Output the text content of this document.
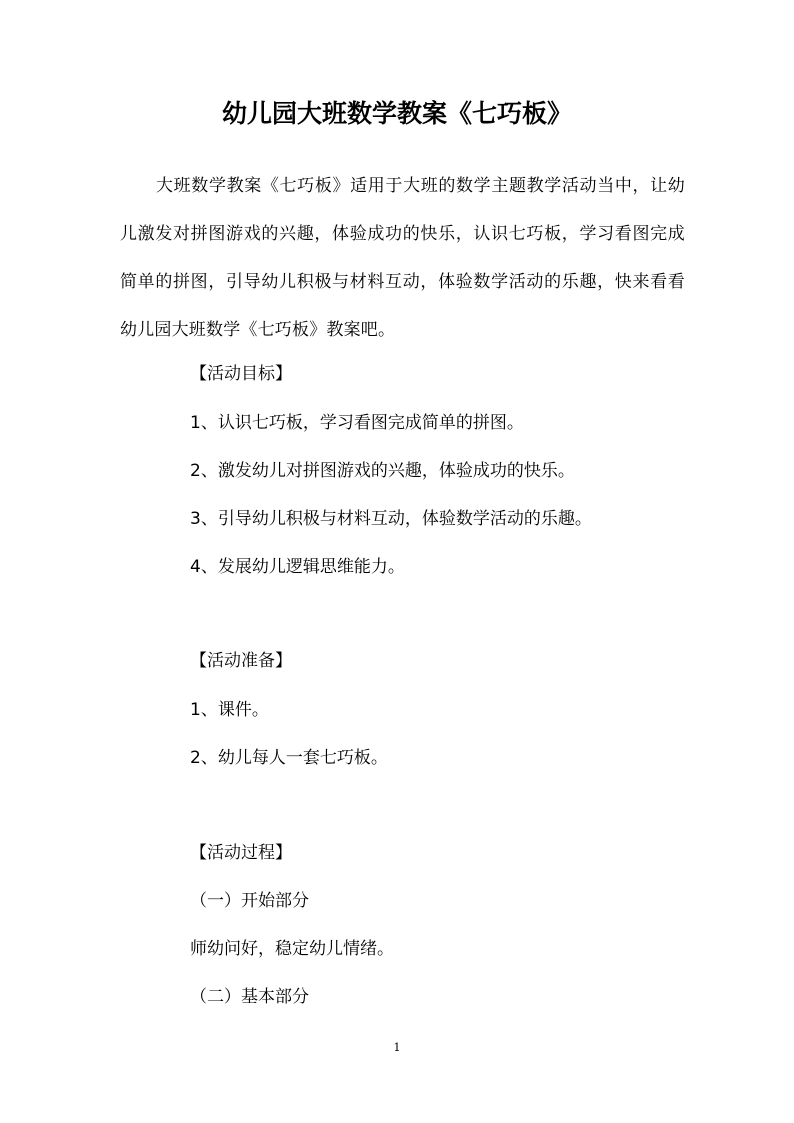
幼儿园大班数学教案《七巧板》

大班数学教案《七巧板》适用于大班的数学主题教学活动当中，让幼儿激发对拼图游戏的兴趣，体验成功的快乐，认识七巧板，学习看图完成简单的拼图，引导幼儿积极与材料互动，体验数学活动的乐趣，快来看看幼儿园大班数学《七巧板》教案吧。

【活动目标】

1、认识七巧板，学习看图完成简单的拼图。

2、激发幼儿对拼图游戏的兴趣，体验成功的快乐。

3、引导幼儿积极与材料互动，体验数学活动的乐趣。

4、发展幼儿逻辑思维能力。

【活动准备】

1、课件。

2、幼儿每人一套七巧板。

【活动过程】

（一）开始部分

师幼问好，稳定幼儿情绪。

（二）基本部分

1
